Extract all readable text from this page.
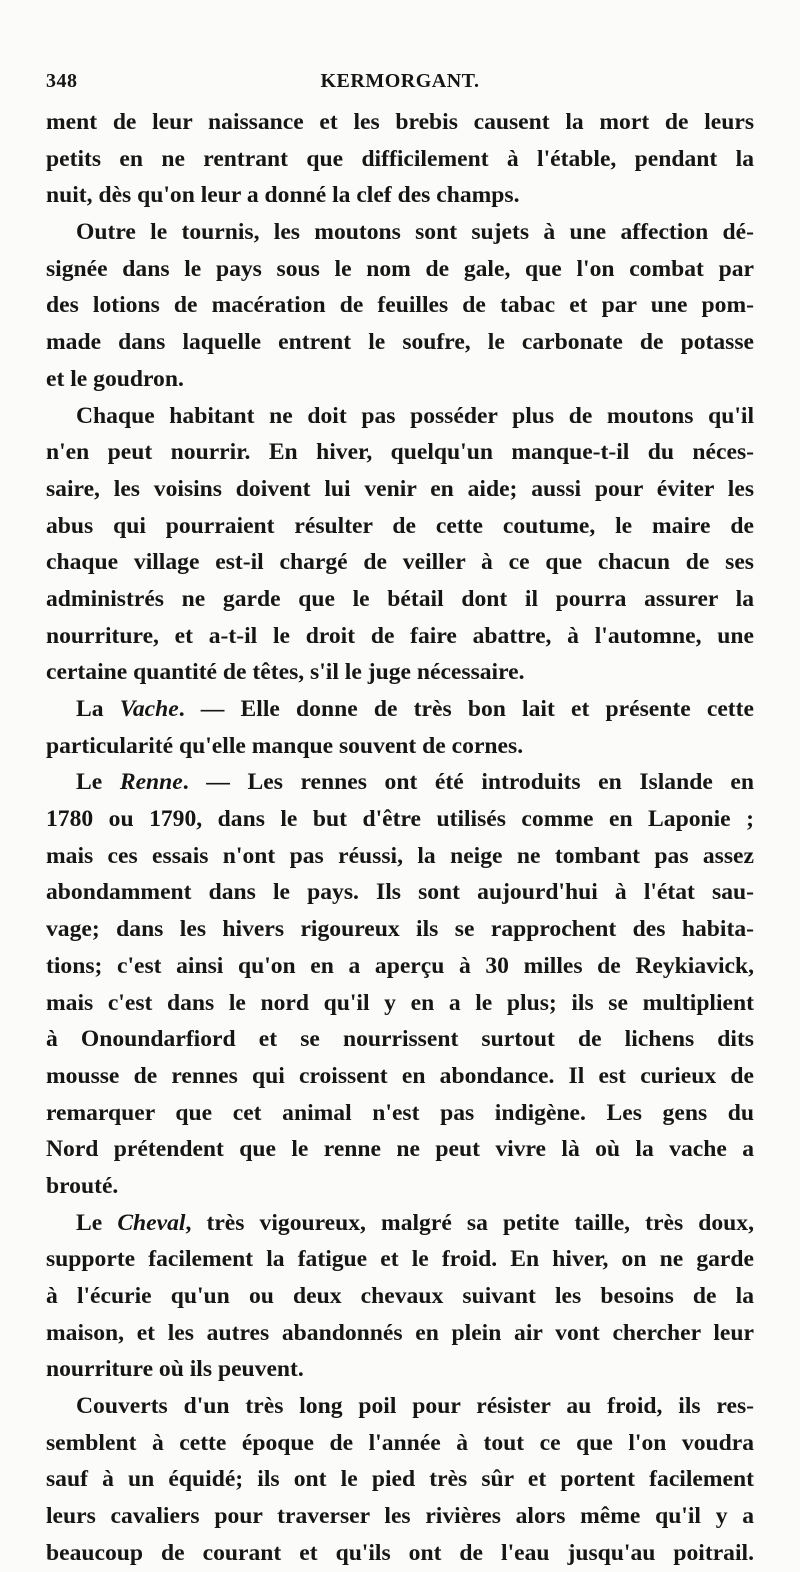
348	KERMORGANT.
ment de leur naissance et les brebis causent la mort de leurs
petits en ne rentrant que difficilement à l'étable, pendant la
nuit, dès qu'on leur a donné la clef des champs.
Outre le tournis, les moutons sont sujets à une affection dé-
signée dans le pays sous le nom de gale, que l'on combat par
des lotions de macération de feuilles de tabac et par une pom-
made dans laquelle entrent le soufre, le carbonate de potasse
et le goudron.
Chaque habitant ne doit pas posséder plus de moutons qu'il
n'en peut nourrir. En hiver, quelqu'un manque-t-il du néces-
saire, les voisins doivent lui venir en aide; aussi pour éviter les
abus qui pourraient résulter de cette coutume, le maire de
chaque village est-il chargé de veiller à ce que chacun de ses
administrés ne garde que le bétail dont il pourra assurer la
nourriture, et a-t-il le droit de faire abattre, à l'automne, une
certaine quantité de têtes, s'il le juge nécessaire.
La Vache. — Elle donne de très bon lait et présente cette
particularité qu'elle manque souvent de cornes.
Le Renne. — Les rennes ont été introduits en Islande en
1780 ou 1790, dans le but d'être utilisés comme en Laponie ;
mais ces essais n'ont pas réussi, la neige ne tombant pas assez
abondamment dans le pays. Ils sont aujourd'hui à l'état sau-
vage; dans les hivers rigoureux ils se rapprochent des habita-
tions; c'est ainsi qu'on en a aperçu à 30 milles de Reykiavick,
mais c'est dans le nord qu'il y en a le plus; ils se multiplient
à Onoundarfiord et se nourrissent surtout de lichens dits
mousse de rennes qui croissent en abondance. Il est curieux de
remarquer que cet animal n'est pas indigène. Les gens du
Nord prétendent que le renne ne peut vivre là où la vache a
brouté.
Le Cheval, très vigoureux, malgré sa petite taille, très doux,
supporte facilement la fatigue et le froid. En hiver, on ne garde
à l'écurie qu'un ou deux chevaux suivant les besoins de la
maison, et les autres abandonnés en plein air vont chercher leur
nourriture où ils peuvent.
Couverts d'un très long poil pour résister au froid, ils res-
semblent à cette époque de l'année à tout ce que l'on voudra
sauf à un équidé; ils ont le pied très sûr et portent facilement
leurs cavaliers pour traverser les rivières alors même qu'il y a
beaucoup de courant et qu'ils ont de l'eau jusqu'au poitrail.
